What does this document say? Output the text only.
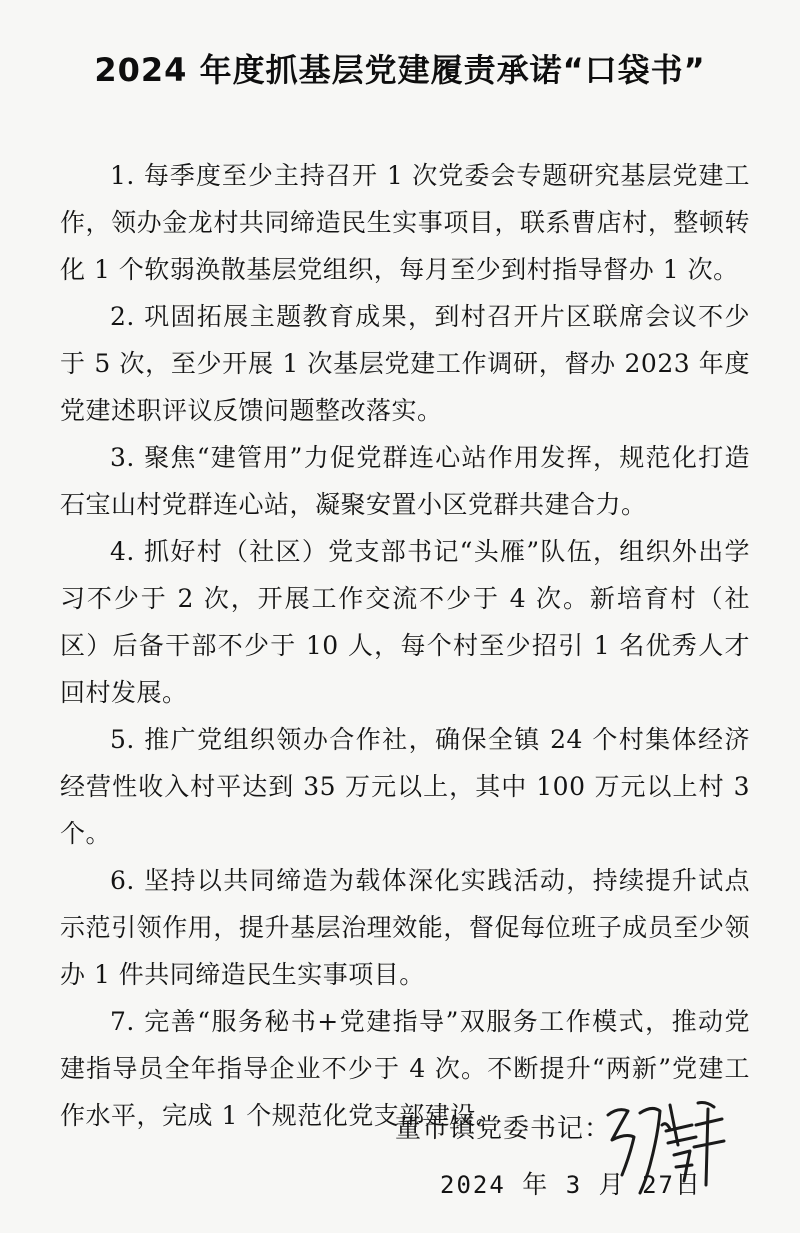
2024 年度抓基层党建履责承诺“口袋书”
1. 每季度至少主持召开 1 次党委会专题研究基层党建工作，领办金龙村共同缔造民生实事项目，联系曹店村，整顿转化 1 个软弱涣散基层党组织，每月至少到村指导督办 1 次。
2. 巩固拓展主题教育成果，到村召开片区联席会议不少于 5 次，至少开展 1 次基层党建工作调研，督办 2023 年度党建述职评议反馈问题整改落实。
3. 聚焦“建管用”力促党群连心站作用发挥，规范化打造石宝山村党群连心站，凝聚安置小区党群共建合力。
4. 抓好村（社区）党支部书记“头雁”队伍，组织外出学习不少于 2 次，开展工作交流不少于 4 次。新培育村（社区）后备干部不少于 10 人，每个村至少招引 1 名优秀人才回村发展。
5. 推广党组织领办合作社，确保全镇 24 个村集体经济经营性收入村平达到 35 万元以上，其中 100 万元以上村 3 个。
6. 坚持以共同缔造为载体深化实践活动，持续提升试点示范引领作用，提升基层治理效能，督促每位班子成员至少领办 1 件共同缔造民生实事项目。
7. 完善“服务秘书+党建指导”双服务工作模式，推动党建指导员全年指导企业不少于 4 次。不断提升“两新”党建工作水平，完成 1 个规范化党支部建设。
董市镇党委书记：
2024 年 3 月 27日
